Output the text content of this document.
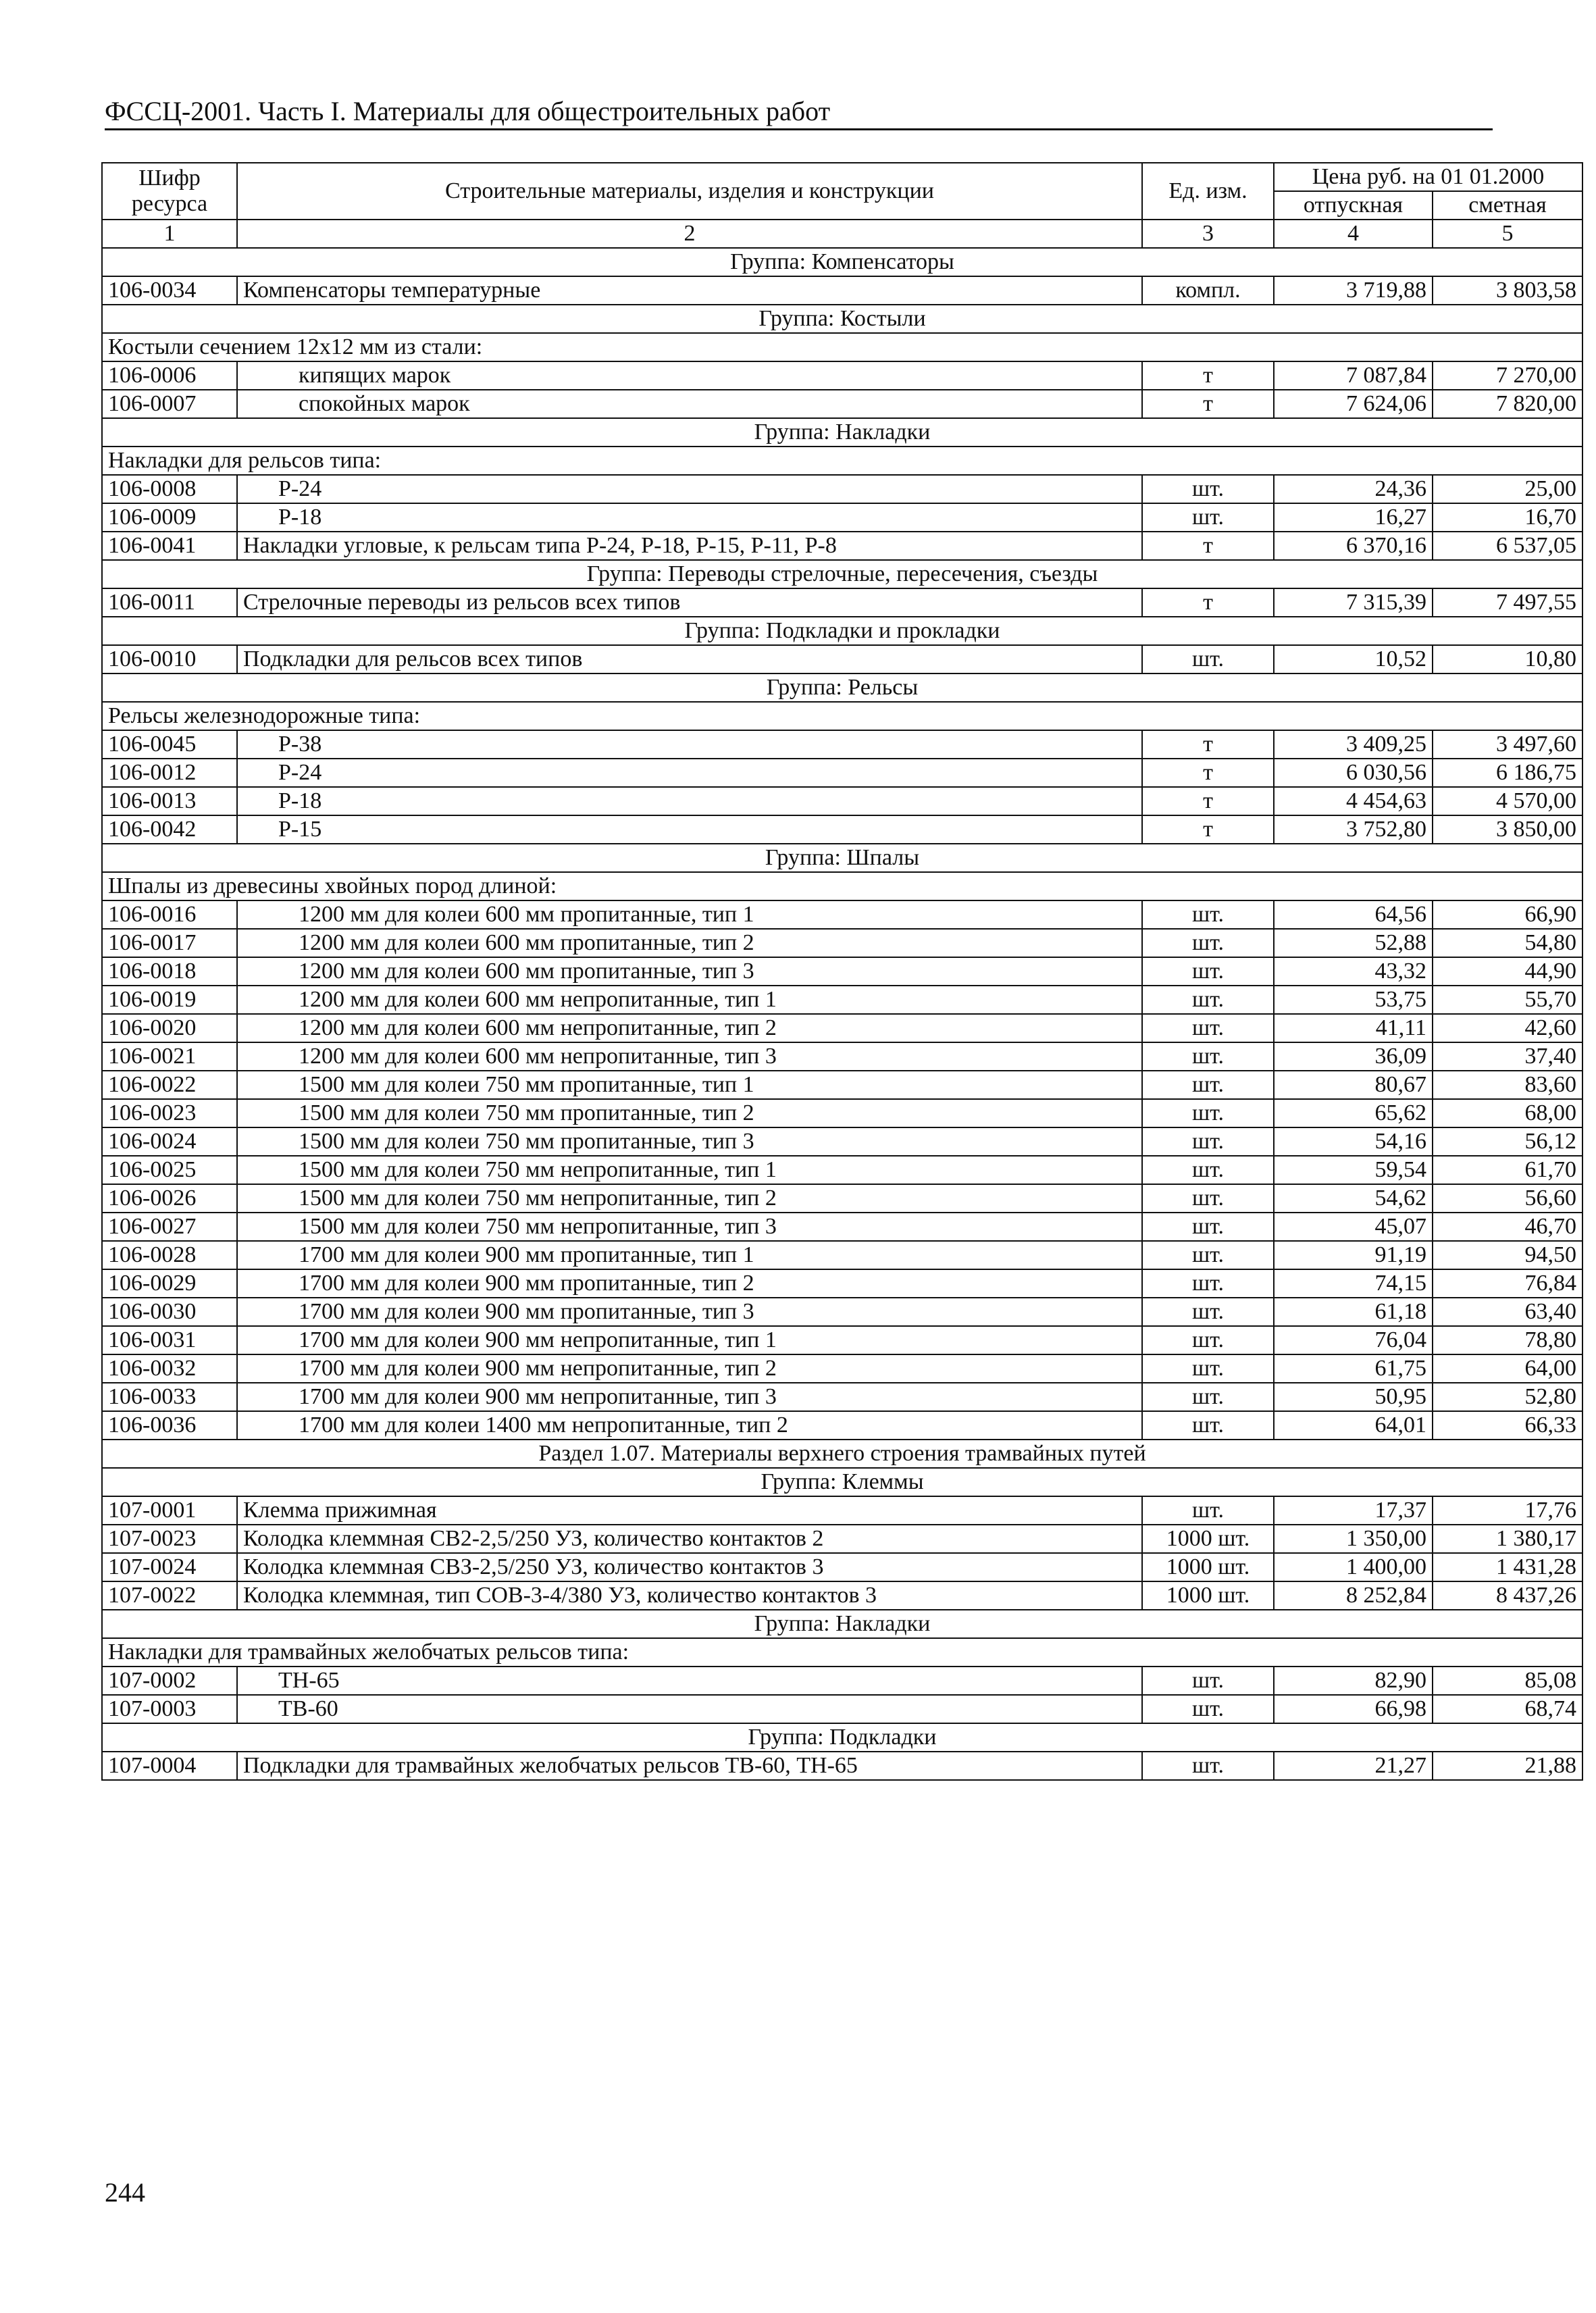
ФССЦ-2001. Часть I. Материалы для общестроительных работ
Шифр ресурса	Строительные материалы, изделия и конструкции	Ед. изм.	Цена руб. на 01 01.2000	
			отпускная	сметная
1	2	3	4	5
Группа: Компенсаторы				
106-0034	Компенсаторы температурные	компл.	3 719,88	3 803,58
Группа: Костыли				
Костыли сечением 12х12 мм из стали:				
106-0006	кипящих марок	т	7 087,84	7 270,00
106-0007	спокойных марок	т	7 624,06	7 820,00
Группа: Накладки				
Накладки для рельсов типа:				
106-0008	Р-24	шт.	24,36	25,00
106-0009	Р-18	шт.	16,27	16,70
106-0041	Накладки угловые, к рельсам типа Р-24, Р-18, Р-15, Р-11, Р-8	т	6 370,16	6 537,05
Группа: Переводы стрелочные, пересечения, съезды				
106-0011	Стрелочные переводы из рельсов всех типов	т	7 315,39	7 497,55
Группа: Подкладки и прокладки				
106-0010	Подкладки для рельсов всех типов	шт.	10,52	10,80
Группа: Рельсы				
Рельсы железнодорожные типа:				
106-0045	Р-38	т	3 409,25	3 497,60
106-0012	Р-24	т	6 030,56	6 186,75
106-0013	Р-18	т	4 454,63	4 570,00
106-0042	Р-15	т	3 752,80	3 850,00
Группа: Шпалы				
Шпалы из древесины хвойных пород длиной:				
106-0016	1200 мм для колеи 600 мм пропитанные, тип 1	шт.	64,56	66,90
106-0017	1200 мм для колеи 600 мм пропитанные, тип 2	шт.	52,88	54,80
106-0018	1200 мм для колеи 600 мм пропитанные, тип 3	шт.	43,32	44,90
106-0019	1200 мм для колеи 600 мм непропитанные, тип 1	шт.	53,75	55,70
106-0020	1200 мм для колеи 600 мм непропитанные, тип 2	шт.	41,11	42,60
106-0021	1200 мм для колеи 600 мм непропитанные, тип 3	шт.	36,09	37,40
106-0022	1500 мм для колеи 750 мм пропитанные, тип 1	шт.	80,67	83,60
106-0023	1500 мм для колеи 750 мм пропитанные, тип 2	шт.	65,62	68,00
106-0024	1500 мм для колеи 750 мм пропитанные, тип 3	шт.	54,16	56,12
106-0025	1500 мм для колеи 750 мм непропитанные, тип 1	шт.	59,54	61,70
106-0026	1500 мм для колеи 750 мм непропитанные, тип 2	шт.	54,62	56,60
106-0027	1500 мм для колеи 750 мм непропитанные, тип 3	шт.	45,07	46,70
106-0028	1700 мм для колеи 900 мм пропитанные, тип 1	шт.	91,19	94,50
106-0029	1700 мм для колеи 900 мм пропитанные, тип 2	шт.	74,15	76,84
106-0030	1700 мм для колеи 900 мм пропитанные, тип 3	шт.	61,18	63,40
106-0031	1700 мм для колеи 900 мм непропитанные, тип 1	шт.	76,04	78,80
106-0032	1700 мм для колеи 900 мм непропитанные, тип 2	шт.	61,75	64,00
106-0033	1700 мм для колеи 900 мм непропитанные, тип 3	шт.	50,95	52,80
106-0036	1700 мм для колеи 1400 мм непропитанные, тип 2	шт.	64,01	66,33
Раздел 1.07. Материалы верхнего строения трамвайных путей				
Группа: Клеммы				
107-0001	Клемма прижимная	шт.	17,37	17,76
107-0023	Колодка клеммная СВ2-2,5/250 УЗ, количество контактов 2	1000 шт.	1 350,00	1 380,17
107-0024	Колодка клеммная СВЗ-2,5/250 УЗ, количество контактов 3	1000 шт.	1 400,00	1 431,28
107-0022	Колодка клеммная, тип СОВ-3-4/380 УЗ, количество контактов 3	1000 шт.	8 252,84	8 437,26
Группа: Накладки				
Накладки для трамвайных желобчатых рельсов типа:				
107-0002	ТН-65	шт.	82,90	85,08
107-0003	ТВ-60	шт.	66,98	68,74
Группа: Подкладки				
107-0004	Подкладки для трамвайных желобчатых рельсов ТВ-60, ТН-65	шт.	21,27	21,88
244
